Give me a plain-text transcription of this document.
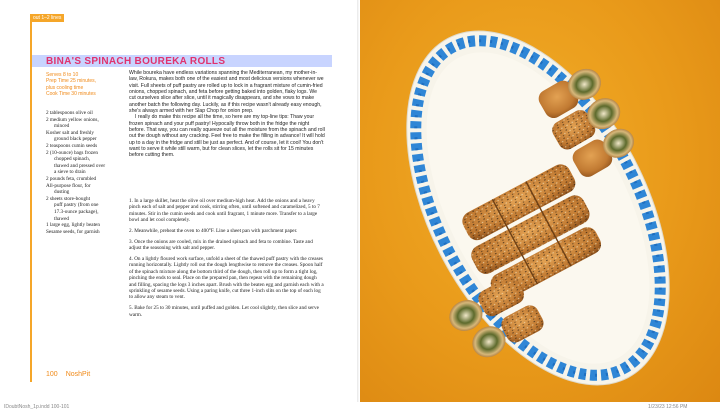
out 1–2 lines
BINA'S SPINACH BOUREKA ROLLS
Serves 8 to 10
Prep Time 25 minutes,
plus cooling time
Cook Time 30 minutes
2 tablespoons olive oil
2 medium yellow onions,
minced
Kosher salt and freshly
ground black pepper
2 teaspoons cumin seeds
2 (10-ounce) bags frozen
chopped spinach,
thawed and pressed over
a sieve to drain
2 pounds feta, crumbled
All-purpose flour, for
dusting
2 sheets store-bought
puff pastry (from one
17.3-ounce package),
thawed
1 large egg, lightly beaten
Sesame seeds, for garnish

While boureka have endless variations spanning the Mediterranean, my mother-in-law, Rokura, makes both one of the easiest and most delicious versions whenever we visit. Full sheets of puff pastry are rolled up to lock in a fragrant mixture of cumin-fried onions, chopped spinach, and feta before getting baked into golden, flaky logs. We cut ourselves slice after slice, until it magically disappears, and she vows to make another batch the following day. Luckily, as if this recipe wasn't already easy enough, she's always armed with her Slap Chop for onion prep.

I really do make this recipe all the time, so here are my top-line tips: Thaw your frozen spinach and your puff pastry! Hypocally throw both in the fridge the night before. That way, you can really squeeze out all the moisture from the spinach and roll out the dough without any cracking. Feel free to make the filling in advance! It will hold up to a day in the fridge and still be just as perfect. And of course, let it cool! You don't want to serve it while still warm, but for clean slices, let the rolls sit for 15 minutes before cutting them.

1. In a large skillet, heat the olive oil over medium-high heat. Add the onions and a heavy pinch each of salt and pepper and cook, stirring often, until softened and caramelized, 5 to 7 minutes. Stir in the cumin seeds and cook until fragrant, 1 minute more. Transfer to a large bowl and let cool completely.

2. Meanwhile, preheat the oven to 400°F. Line a sheet pan with parchment paper.

3. Once the onions are cooled, mix in the drained spinach and feta to combine. Taste and adjust the seasoning with salt and pepper.

4. On a lightly floured work surface, unfold a sheet of the thawed puff pastry with the creases running horizontally. Lightly roll out the dough lengthwise to remove the creases. Spoon half of the spinach mixture along the bottom third of the dough, then roll up to form a tight log, pinching the ends to seal. Place on the prepared pan, then repeat with the remaining dough and filling, spacing the logs 3 inches apart. Brush with the beaten egg and garnish each with a sprinkling of sesame seeds. Using a paring knife, cut three 1-inch slits on the top of each log to allow any steam to vent.

5. Bake for 25 to 30 minutes, until puffed and golden. Let cool slightly, then slice and serve warm.

100 NoshPit
IDoubtNosh_1p.indd 100-101	1/23/23 12:56 PM
